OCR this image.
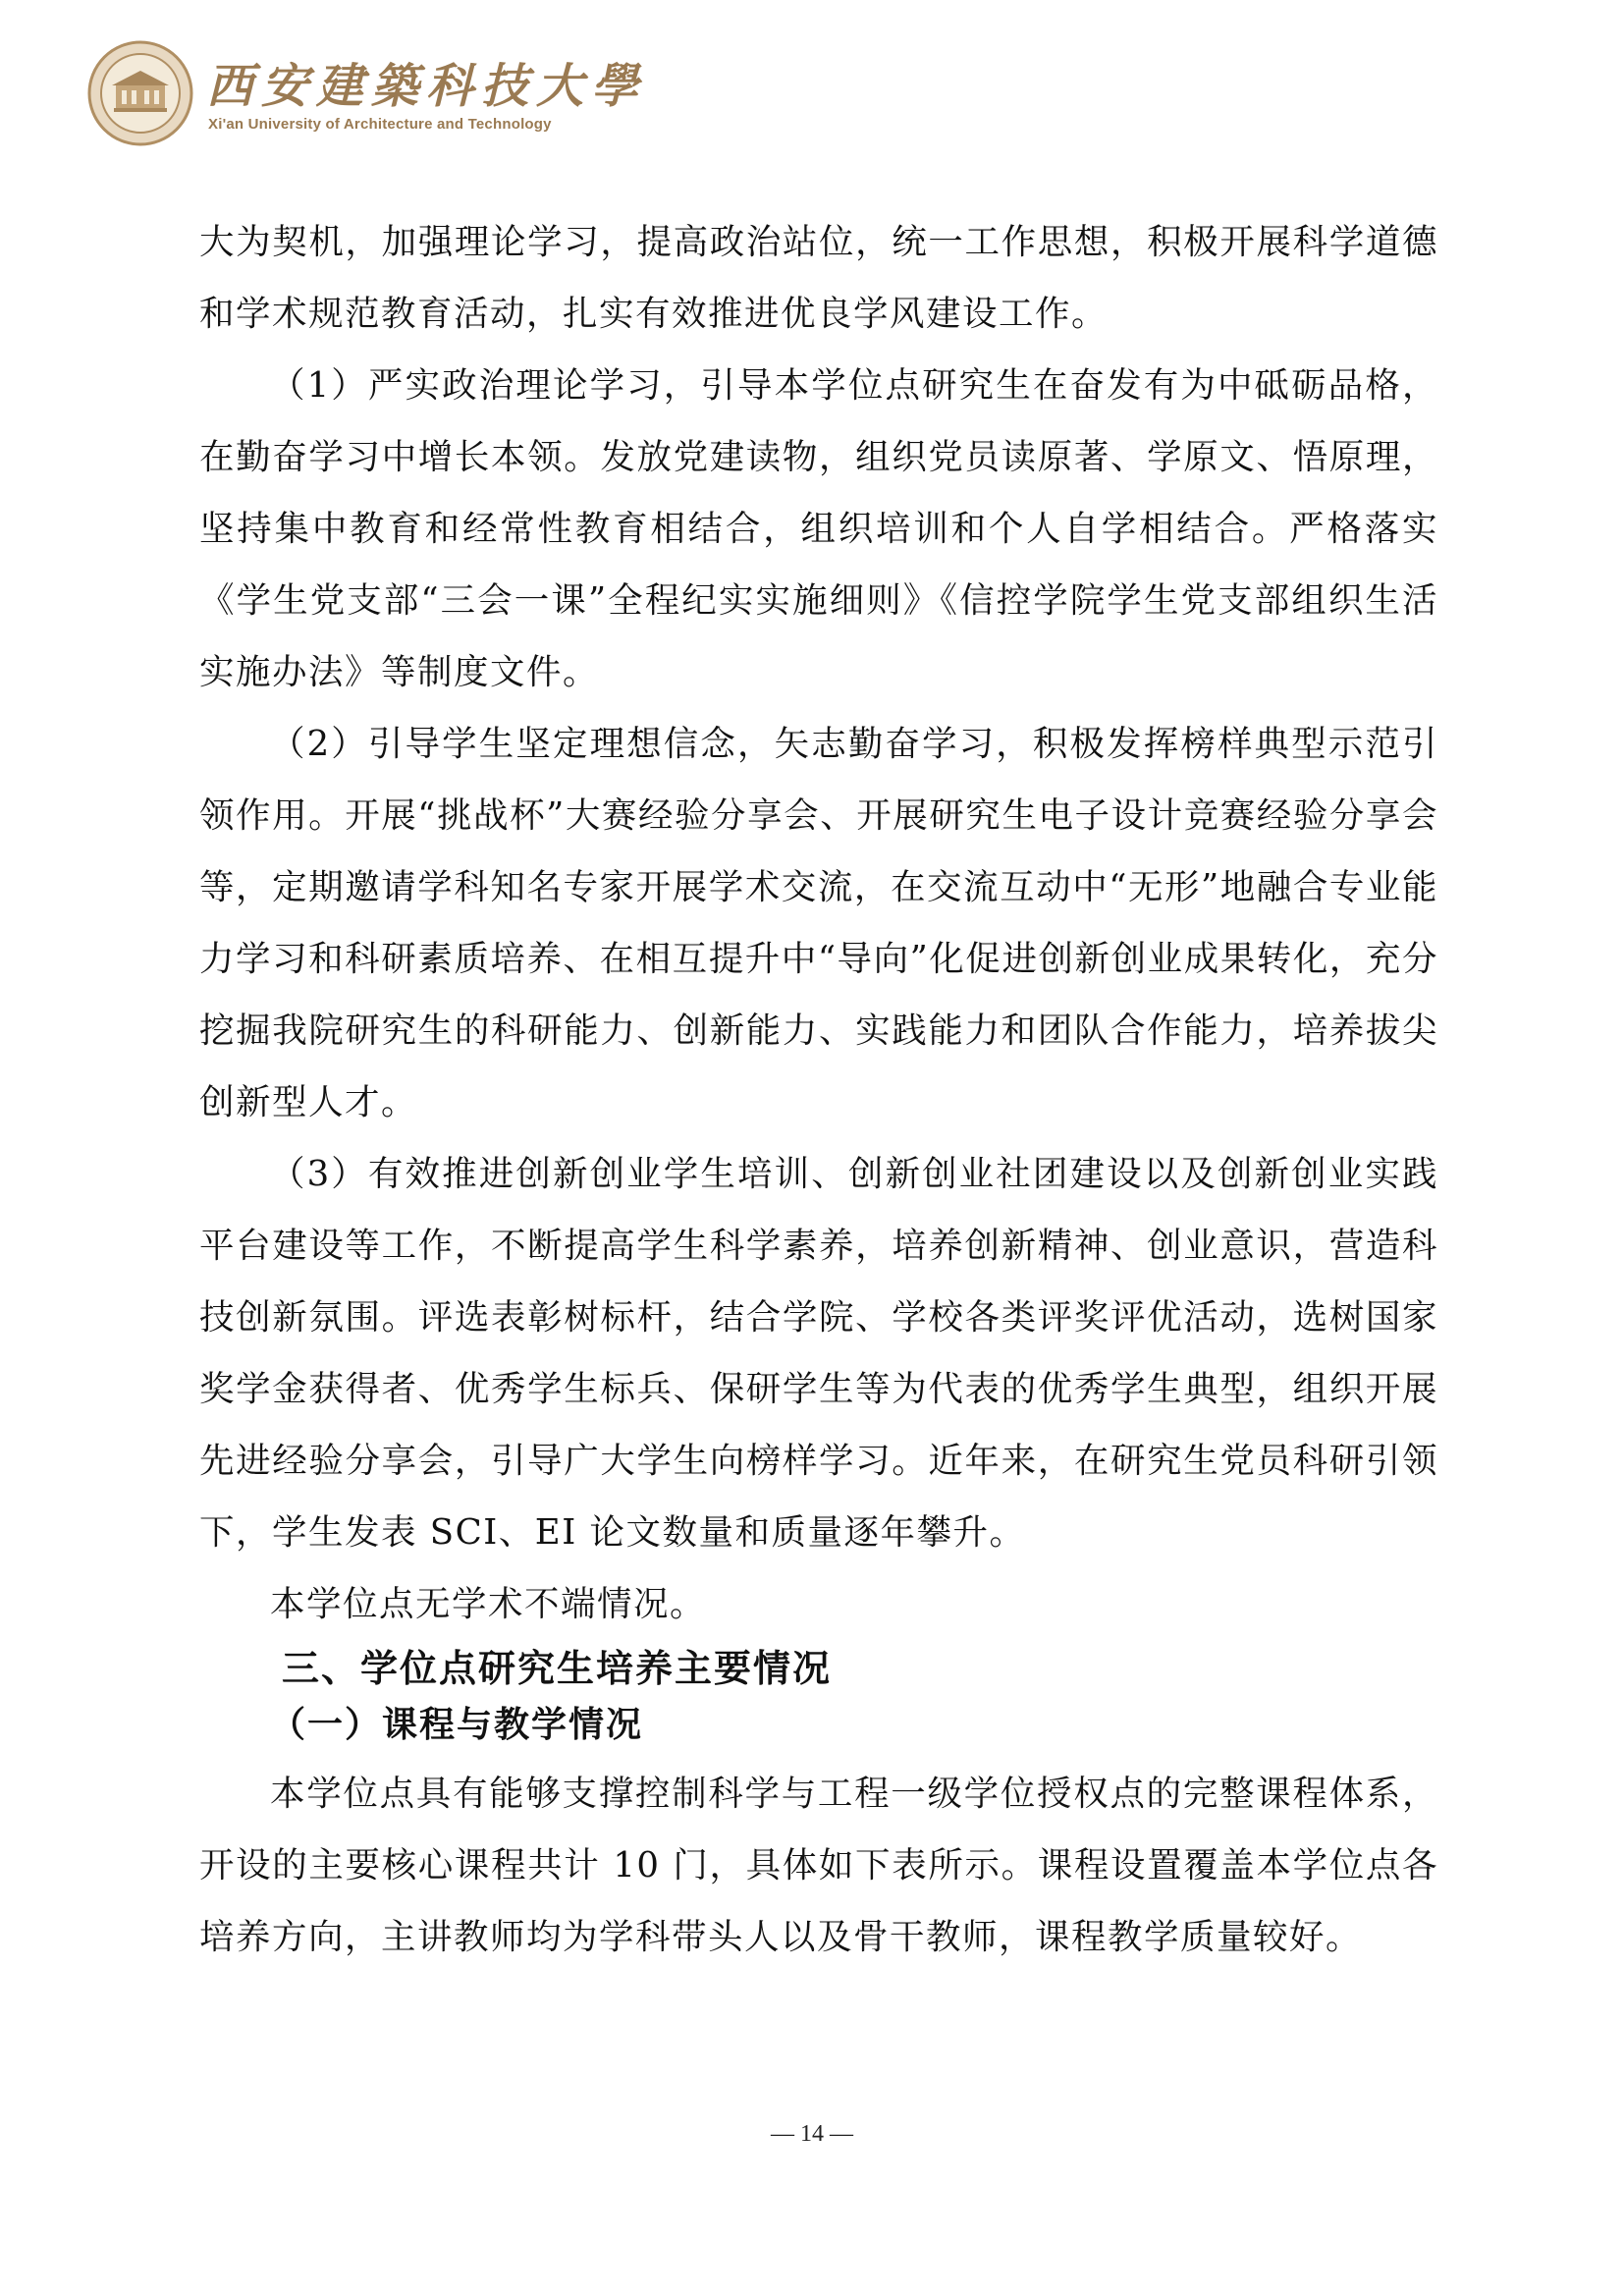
西安建築科技大學
Xi'an University of Architecture and Technology

大为契机，加强理论学习，提高政治站位，统一工作思想，积极开展科学道德和学术规范教育活动，扎实有效推进优良学风建设工作。

（1）严实政治理论学习，引导本学位点研究生在奋发有为中砥砺品格，在勤奋学习中增长本领。发放党建读物，组织党员读原著、学原文、悟原理，坚持集中教育和经常性教育相结合，组织培训和个人自学相结合。严格落实《学生党支部“三会一课”全程纪实实施细则》《信控学院学生党支部组织生活实施办法》等制度文件。

（2）引导学生坚定理想信念，矢志勤奋学习，积极发挥榜样典型示范引领作用。开展“挑战杯”大赛经验分享会、开展研究生电子设计竞赛经验分享会等，定期邀请学科知名专家开展学术交流，在交流互动中“无形”地融合专业能力学习和科研素质培养、在相互提升中“导向”化促进创新创业成果转化，充分挖掘我院研究生的科研能力、创新能力、实践能力和团队合作能力，培养拔尖创新型人才。

（3）有效推进创新创业学生培训、创新创业社团建设以及创新创业实践平台建设等工作，不断提高学生科学素养，培养创新精神、创业意识，营造科技创新氛围。评选表彰树标杆，结合学院、学校各类评奖评优活动，选树国家奖学金获得者、优秀学生标兵、保研学生等为代表的优秀学生典型，组织开展先进经验分享会，引导广大学生向榜样学习。近年来，在研究生党员科研引领下，学生发表 SCI、EI 论文数量和质量逐年攀升。

本学位点无学术不端情况。

三、学位点研究生培养主要情况
（一）课程与教学情况

本学位点具有能够支撑控制科学与工程一级学位授权点的完整课程体系，开设的主要核心课程共计 10 门，具体如下表所示。课程设置覆盖本学位点各培养方向，主讲教师均为学科带头人以及骨干教师，课程教学质量较好。

— 14 —
